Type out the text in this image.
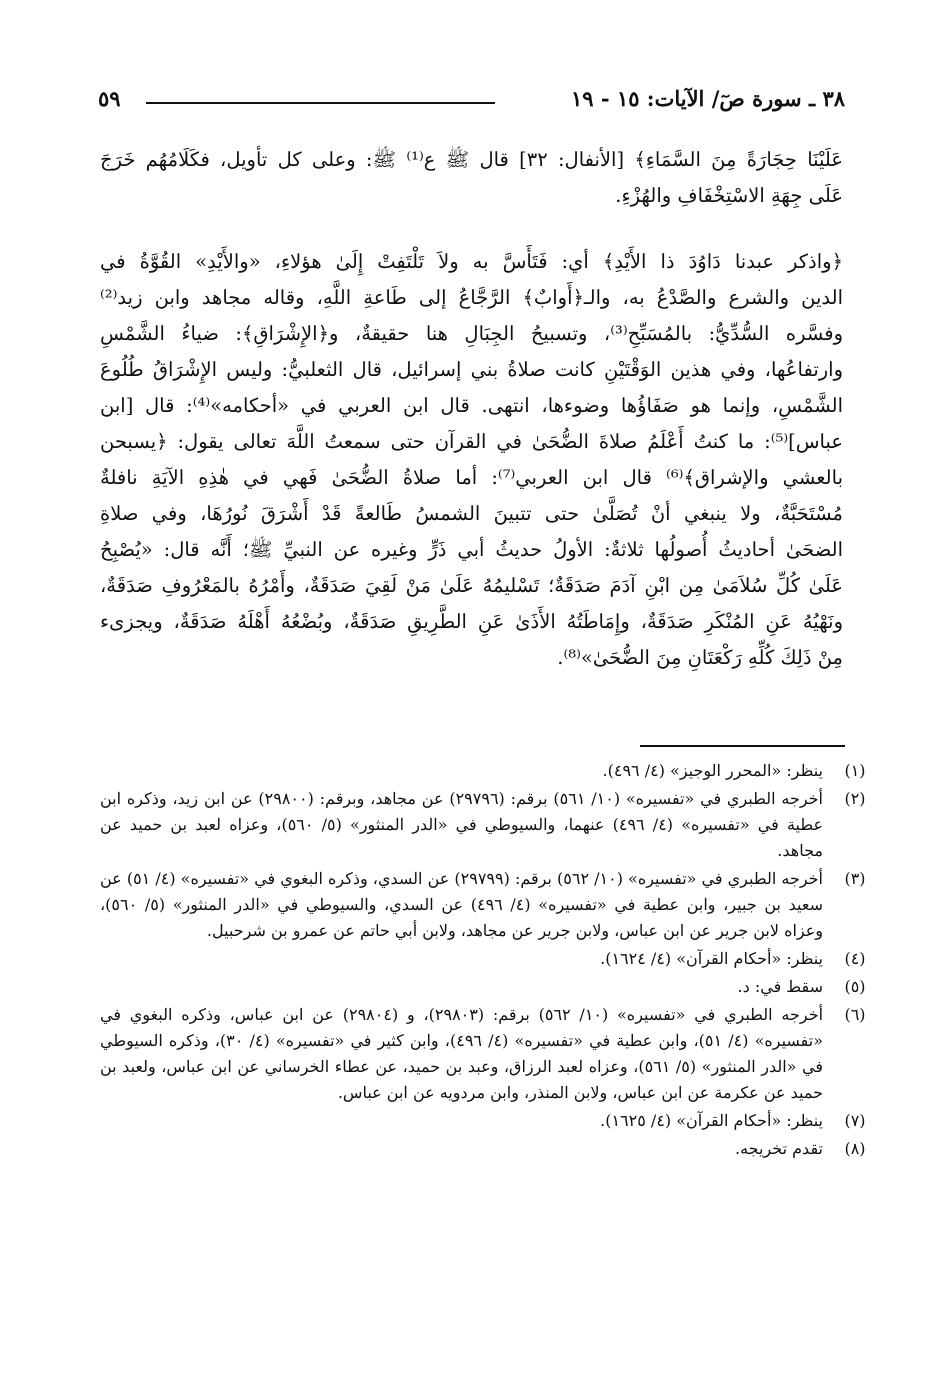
٣٨ ـ سورة صٓ/ الآيات: ١٥ - ١٩
٥٩

عَلَيْنَا حِجَارَةً مِنَ السَّمَاءِ﴾ [الأنفال: ٣٢] قال ﷺ ع⁽¹⁾ ﷺ: وعلى كل تأويل، فكَلَامُهُم خَرَجَ
عَلَى جِهَةِ الاسْتِخْفَافِ والهُزْءِ.

﴿واذكر عبدنا دَاوُدَ ذا الأَيْدِ﴾ أي: فَتَأَسَّ به ولاَ تَلْتَفِتْ إِلَىٰ هؤلاءِ، «والأَيْدِ» القُوَّةُ في
الدين والشرع والصَّدْعُ به، والـ﴿أَوابٌ﴾ الرَّجَّاعُ إلى طَاعةِ اللَّهِ، وقاله مجاهد وابن زيد⁽²⁾
وفسَّره السُّدِّيُّ: بالمُسَبِّحِ⁽³⁾، وتسبيحُ الجِبَالِ هنا حقيقةٌ، و﴿الإِشْرَاقِ﴾: ضياءُ الشَّمْسِ
وارتفاعُها، وفي هذين الوَقْتَيْنِ كانت صلاةُ بني إسرائيل، قال الثعلبيُّ: وليس الإِشْرَاقُ طُلُوعَ
الشَّمْسِ، وإنما هو صَفَاؤُها وضوءها، انتهى. قال ابن العربي في «أحكامه»⁽⁴⁾: قال [ابن
عباس]⁽⁵⁾: ما كنتُ أَعْلَمُ صلاةَ الضُّحَىٰ في القرآن حتى سمعتُ اللَّهَ تعالى يقول: ﴿يسبحن
بالعشي والإشراق﴾⁽⁶⁾ قال ابن العربي⁽⁷⁾: أما صلاةُ الضُّحَىٰ فَهي في هٰذِهِ الآيَةِ نافلةٌ
مُسْتَحَبَّةٌ، ولا ينبغي أنْ تُصَلَّىٰ حتى تتبينَ الشمسُ طَالعةً قَدْ أَشْرَقَ نُورُهَا، وفي صلاةِ
الضحَىٰ أحاديثُ أُصولُها ثلاثةٌ: الأولُ حديثُ أبي ذَرٍّ وغيره عن النبيِّ ﷺ؛ أَنَّه قال: «يُصْبِحُ
عَلَىٰ كُلِّ سُلاَمَىٰ مِن ابْنِ آدَمَ صَدَقَةٌ؛ تَسْليمُهُ عَلَىٰ مَنْ لَقِيَ صَدَقَةٌ، وأَمْرُهُ بالمَعْرُوفِ صَدَقَةٌ،
ونَهْيُهُ عَنِ المُنْكَرِ صَدَقَةٌ، وإِمَاطَتُهُ الأَذَىٰ عَنِ الطَّرِيقِ صَدَقَةٌ، وبُضْعُهُ أَهْلَهُ صَدَقَةٌ، ويجزىء
مِنْ ذَلِكَ كُلِّهِ رَكْعَتَانِ مِنَ الضُّحَىٰ»⁽⁸⁾.

(١)
ينظر: «المحرر الوجيز» (٤/ ٤٩٦).
(٢)
أخرجه الطبري في «تفسيره» (١٠/ ٥٦١) برقم: (٢٩٧٩٦) عن مجاهد، وبرقم: (٢٩٨٠٠) عن ابن زيد، وذكره ابن عطية في «تفسيره» (٤/ ٤٩٦) عنهما، والسيوطي في «الدر المنثور» (٥/ ٥٦٠)، وعزاه لعبد بن حميد عن مجاهد.
(٣)
أخرجه الطبري في «تفسيره» (١٠/ ٥٦٢) برقم: (٢٩٧٩٩) عن السدي، وذكره البغوي في «تفسيره» (٤/ ٥١) عن سعيد بن جبير، وابن عطية في «تفسيره» (٤/ ٤٩٦) عن السدي، والسيوطي في «الدر المنثور» (٥/ ٥٦٠)، وعزاه لابن جرير عن ابن عباس، ولابن جرير عن مجاهد، ولابن أبي حاتم عن عمرو بن شرحبيل.
(٤)
ينظر: «أحكام القرآن» (٤/ ١٦٢٤).
(٥)
سقط في: د.
(٦)
أخرجه الطبري في «تفسيره» (١٠/ ٥٦٢) برقم: (٢٩٨٠٣)، و (٢٩٨٠٤) عن ابن عباس، وذكره البغوي في «تفسيره» (٤/ ٥١)، وابن عطية في «تفسيره» (٤/ ٤٩٦)، وابن كثير في «تفسيره» (٤/ ٣٠)، وذكره السيوطي في «الدر المنثور» (٥/ ٥٦١)، وعزاه لعبد الرزاق، وعبد بن حميد، عن عطاء الخرساني عن ابن عباس، ولعبد بن حميد عن عكرمة عن ابن عباس، ولابن المنذر، وابن مردويه عن ابن عباس.
(٧)
ينظر: «أحكام القرآن» (٤/ ١٦٢٥).
(٨)
تقدم تخريجه.
